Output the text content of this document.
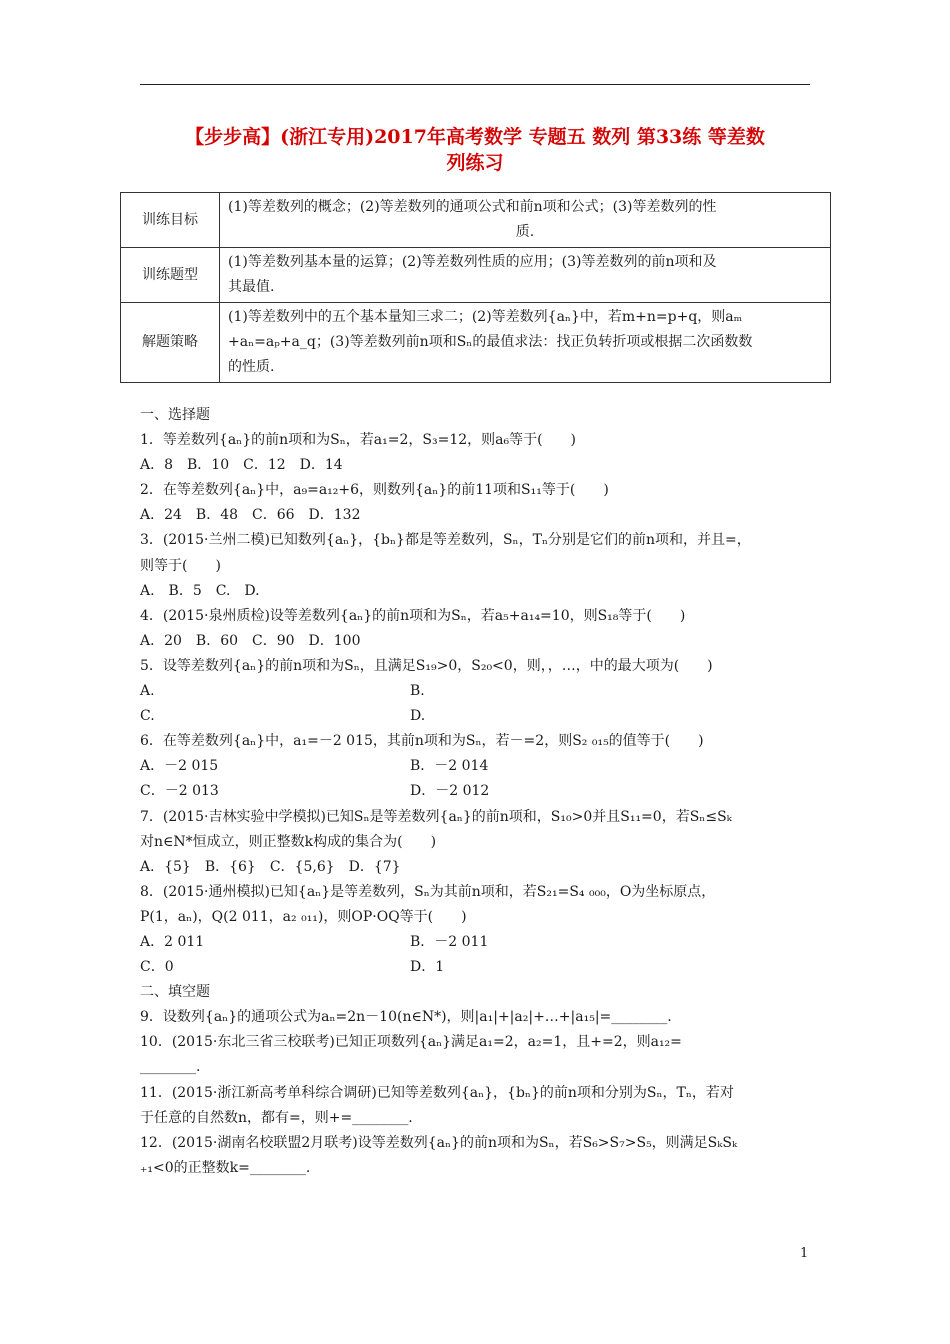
【步步高】(浙江专用)2017年高考数学 专题五 数列 第33练 等差数
列练习
训练目标	(1)等差数列的概念；(2)等差数列的通项公式和前n项和公式；(3)等差数列的性
质.

训练题型	(1)等差数列基本量的运算；(2)等差数列性质的应用；(3)等差数列的前n项和及
其最值.

解题策略	(1)等差数列中的五个基本量知三求二；(2)等差数列{aₙ}中，若m+n=p+q，则aₘ
+aₙ=aₚ+a_q；(3)等差数列前n项和Sₙ的最值求法：找正负转折项或根据二次函数数
的性质.
一、选择题
1．等差数列{aₙ}的前n项和为Sₙ，若a₁=2，S₃=12，则a₆等于(　　)
A．8　B．10　C．12　D．14
2．在等差数列{aₙ}中，a₉=a₁₂+6，则数列{aₙ}的前11项和S₁₁等于(　　)
A．24　B．48　C．66　D．132
3．(2015·兰州二模)已知数列{aₙ}，{bₙ}都是等差数列，Sₙ，Tₙ分别是它们的前n项和，并且=，
则等于(　　)
A.　B．5　C.　D.
4．(2015·泉州质检)设等差数列{aₙ}的前n项和为Sₙ，若a₅+a₁₄=10，则S₁₈等于(　　)
A．20　B．60　C．90　D．100
5．设等差数列{aₙ}的前n项和为Sₙ，且满足S₁₉>0，S₂₀<0，则，，…，中的最大项为(　　)
A.	B.
C.	D.
6．在等差数列{aₙ}中，a₁=－2 015，其前n项和为Sₙ，若－=2，则S₂ ₀₁₅的值等于(　　)
A．－2 015	B．－2 014
C．－2 013	D．－2 012
7．(2015·吉林实验中学模拟)已知Sₙ是等差数列{aₙ}的前n项和，S₁₀>0并且S₁₁=0，若Sₙ≤Sₖ
对n∈N*恒成立，则正整数k构成的集合为(　　)
A．{5}　B．{6}　C．{5,6}　D．{7}
8．(2015·通州模拟)已知{aₙ}是等差数列，Sₙ为其前n项和，若S₂₁=S₄ ₀₀₀，O为坐标原点，
P(1，aₙ)，Q(2 011，a₂ ₀₁₁)，则OP·OQ等于(　　)
A．2 011	B．－2 011
C．0	D．1
二、填空题
9．设数列{aₙ}的通项公式为aₙ=2n－10(n∈N*)，则|a₁|+|a₂|+…+|a₁₅|=________.
10．(2015·东北三省三校联考)已知正项数列{aₙ}满足a₁=2，a₂=1，且+=2，则a₁₂=
________.
11．(2015·浙江新高考单科综合调研)已知等差数列{aₙ}，{bₙ}的前n项和分别为Sₙ，Tₙ，若对
于任意的自然数n，都有=，则+=________.
12．(2015·湖南名校联盟2月联考)设等差数列{aₙ}的前n项和为Sₙ，若S₆>S₇>S₅，则满足SₖSₖ
₊₁<0的正整数k=________.
1
